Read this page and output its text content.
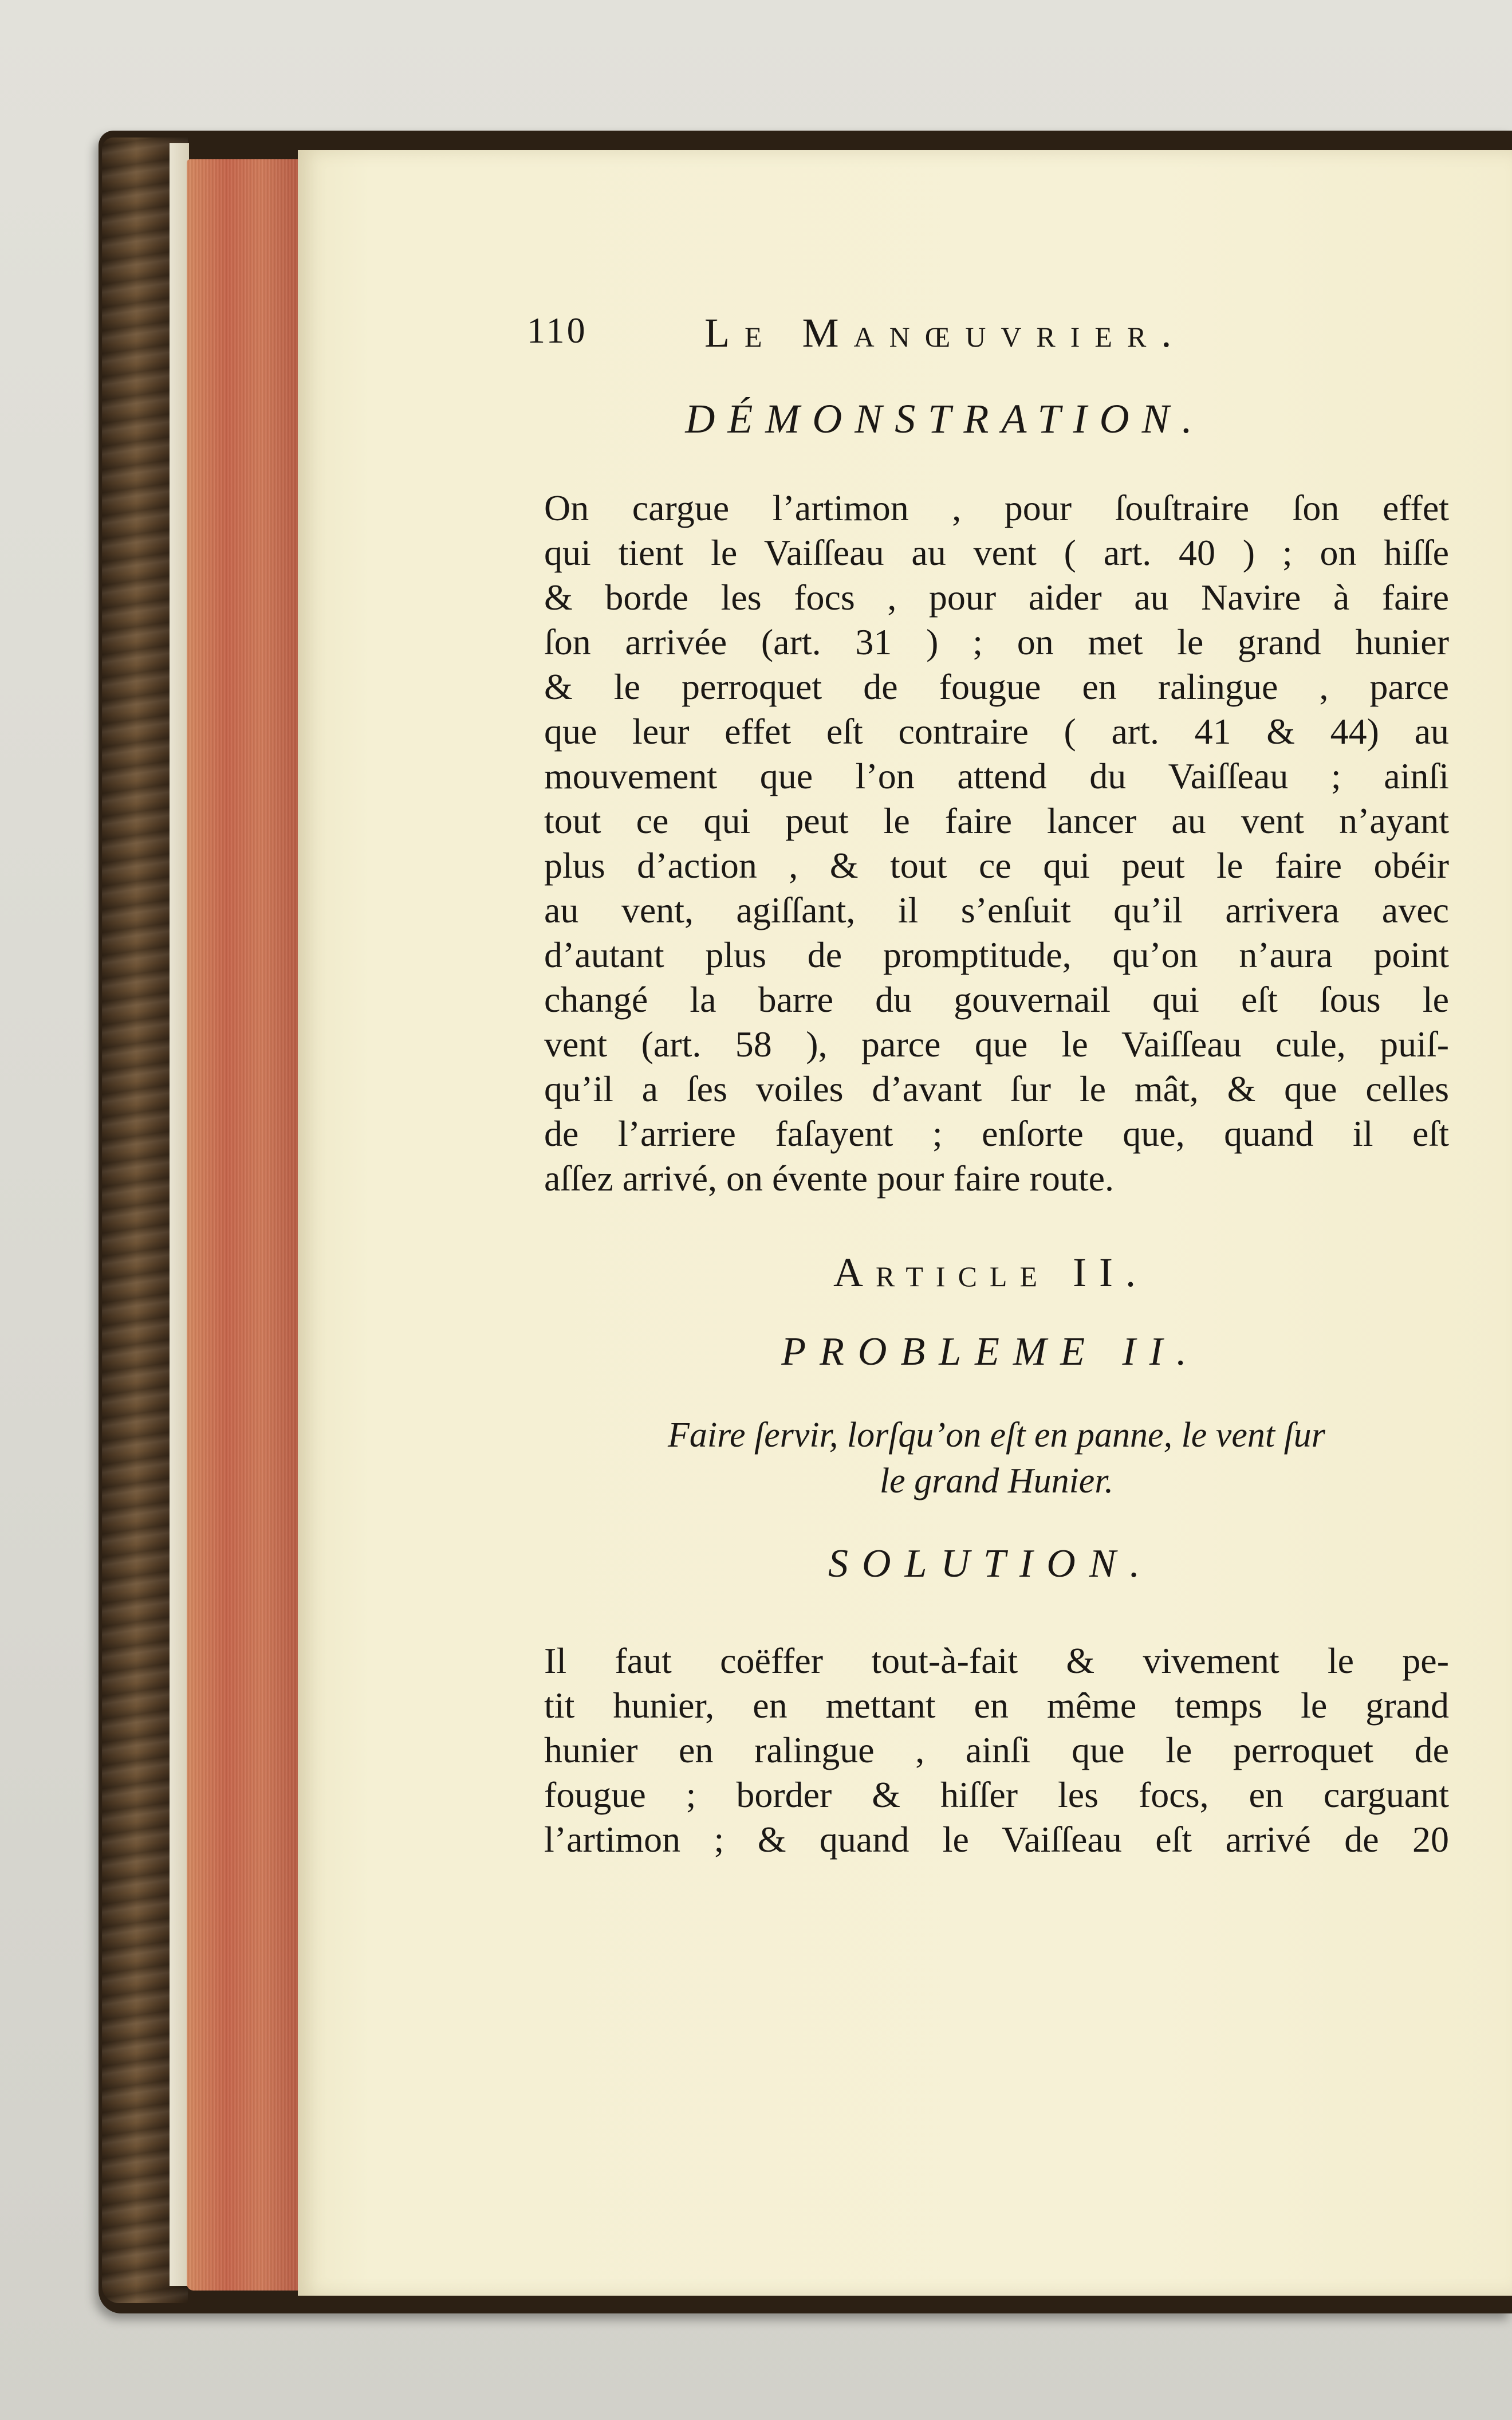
110	Le Manœuvrier.
DÉMONSTRATION.
On cargue l’artimon , pour ſouſtraire ſon effet
qui tient le Vaiſſeau au vent ( art. 40 ) ; on hiſſe
& borde les focs , pour aider au Navire à faire
ſon arrivée (art. 31 ) ; on met le grand hunier
& le perroquet de fougue en ralingue , parce
que leur effet eſt contraire ( art. 41 & 44) au
mouvement que l’on attend du Vaiſſeau ; ainſi
tout ce qui peut le faire lancer au vent n’ayant
plus d’action , & tout ce qui peut le faire obéir
au vent, agiſſant, il s’enſuit qu’il arrivera avec
d’autant plus de promptitude, qu’on n’aura point
changé la barre du gouvernail qui eſt ſous le
vent (art. 58 ), parce que le Vaiſſeau cule, puiſ-
qu’il a ſes voiles d’avant ſur le mât, & que celles
de l’arriere faſayent ; enſorte que, quand il eſt
aſſez arrivé, on évente pour faire route.
Article II.
PROBLEME II.
Faire ſervir, lorſqu’on eſt en panne, le vent ſur
le grand Hunier.
SOLUTION.
Il faut coëffer tout-à-fait & vivement le pe-
tit hunier, en mettant en même temps le grand
hunier en ralingue , ainſi que le perroquet de
fougue ; border & hiſſer les focs, en carguant
l’artimon ; & quand le Vaiſſeau eſt arrivé de 20
